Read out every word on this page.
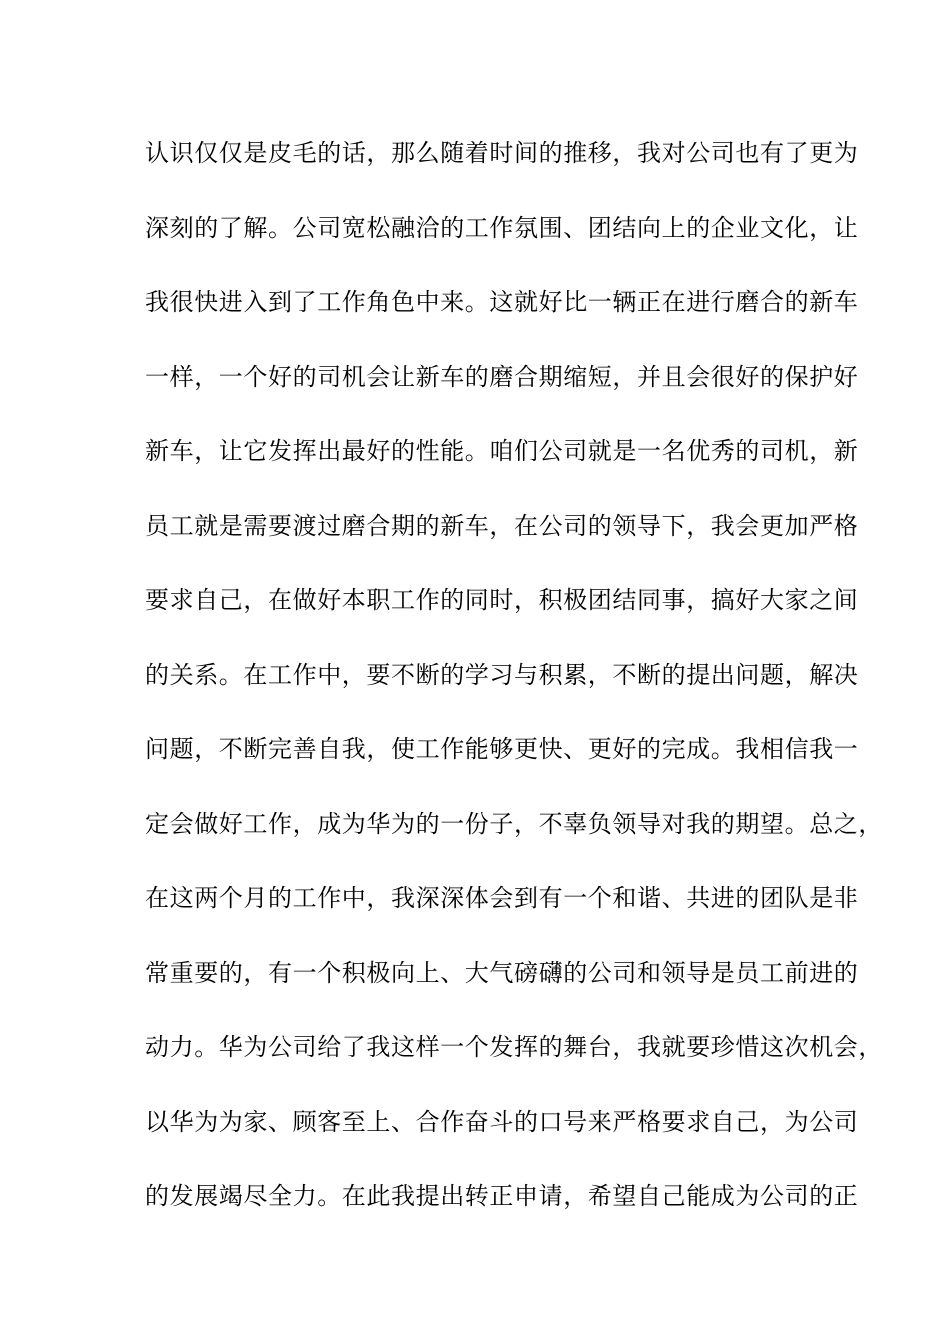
认识仅仅是皮毛的话，那么随着时间的推移，我对公司也有了更为
深刻的了解。公司宽松融洽的工作氛围、团结向上的企业文化，让
我很快进入到了工作角色中来。这就好比一辆正在进行磨合的新车
一样，一个好的司机会让新车的磨合期缩短，并且会很好的保护好
新车，让它发挥出最好的性能。咱们公司就是一名优秀的司机，新
员工就是需要渡过磨合期的新车，在公司的领导下，我会更加严格
要求自己，在做好本职工作的同时，积极团结同事，搞好大家之间
的关系。在工作中，要不断的学习与积累，不断的提出问题，解决
问题，不断完善自我，使工作能够更快、更好的完成。我相信我一
定会做好工作，成为华为的一份子，不辜负领导对我的期望。总之，
在这两个月的工作中，我深深体会到有一个和谐、共进的团队是非
常重要的，有一个积极向上、大气磅礴的公司和领导是员工前进的
动力。华为公司给了我这样一个发挥的舞台，我就要珍惜这次机会，
以华为为家、顾客至上、合作奋斗的口号来严格要求自己，为公司
的发展竭尽全力。在此我提出转正申请，希望自己能成为公司的正
